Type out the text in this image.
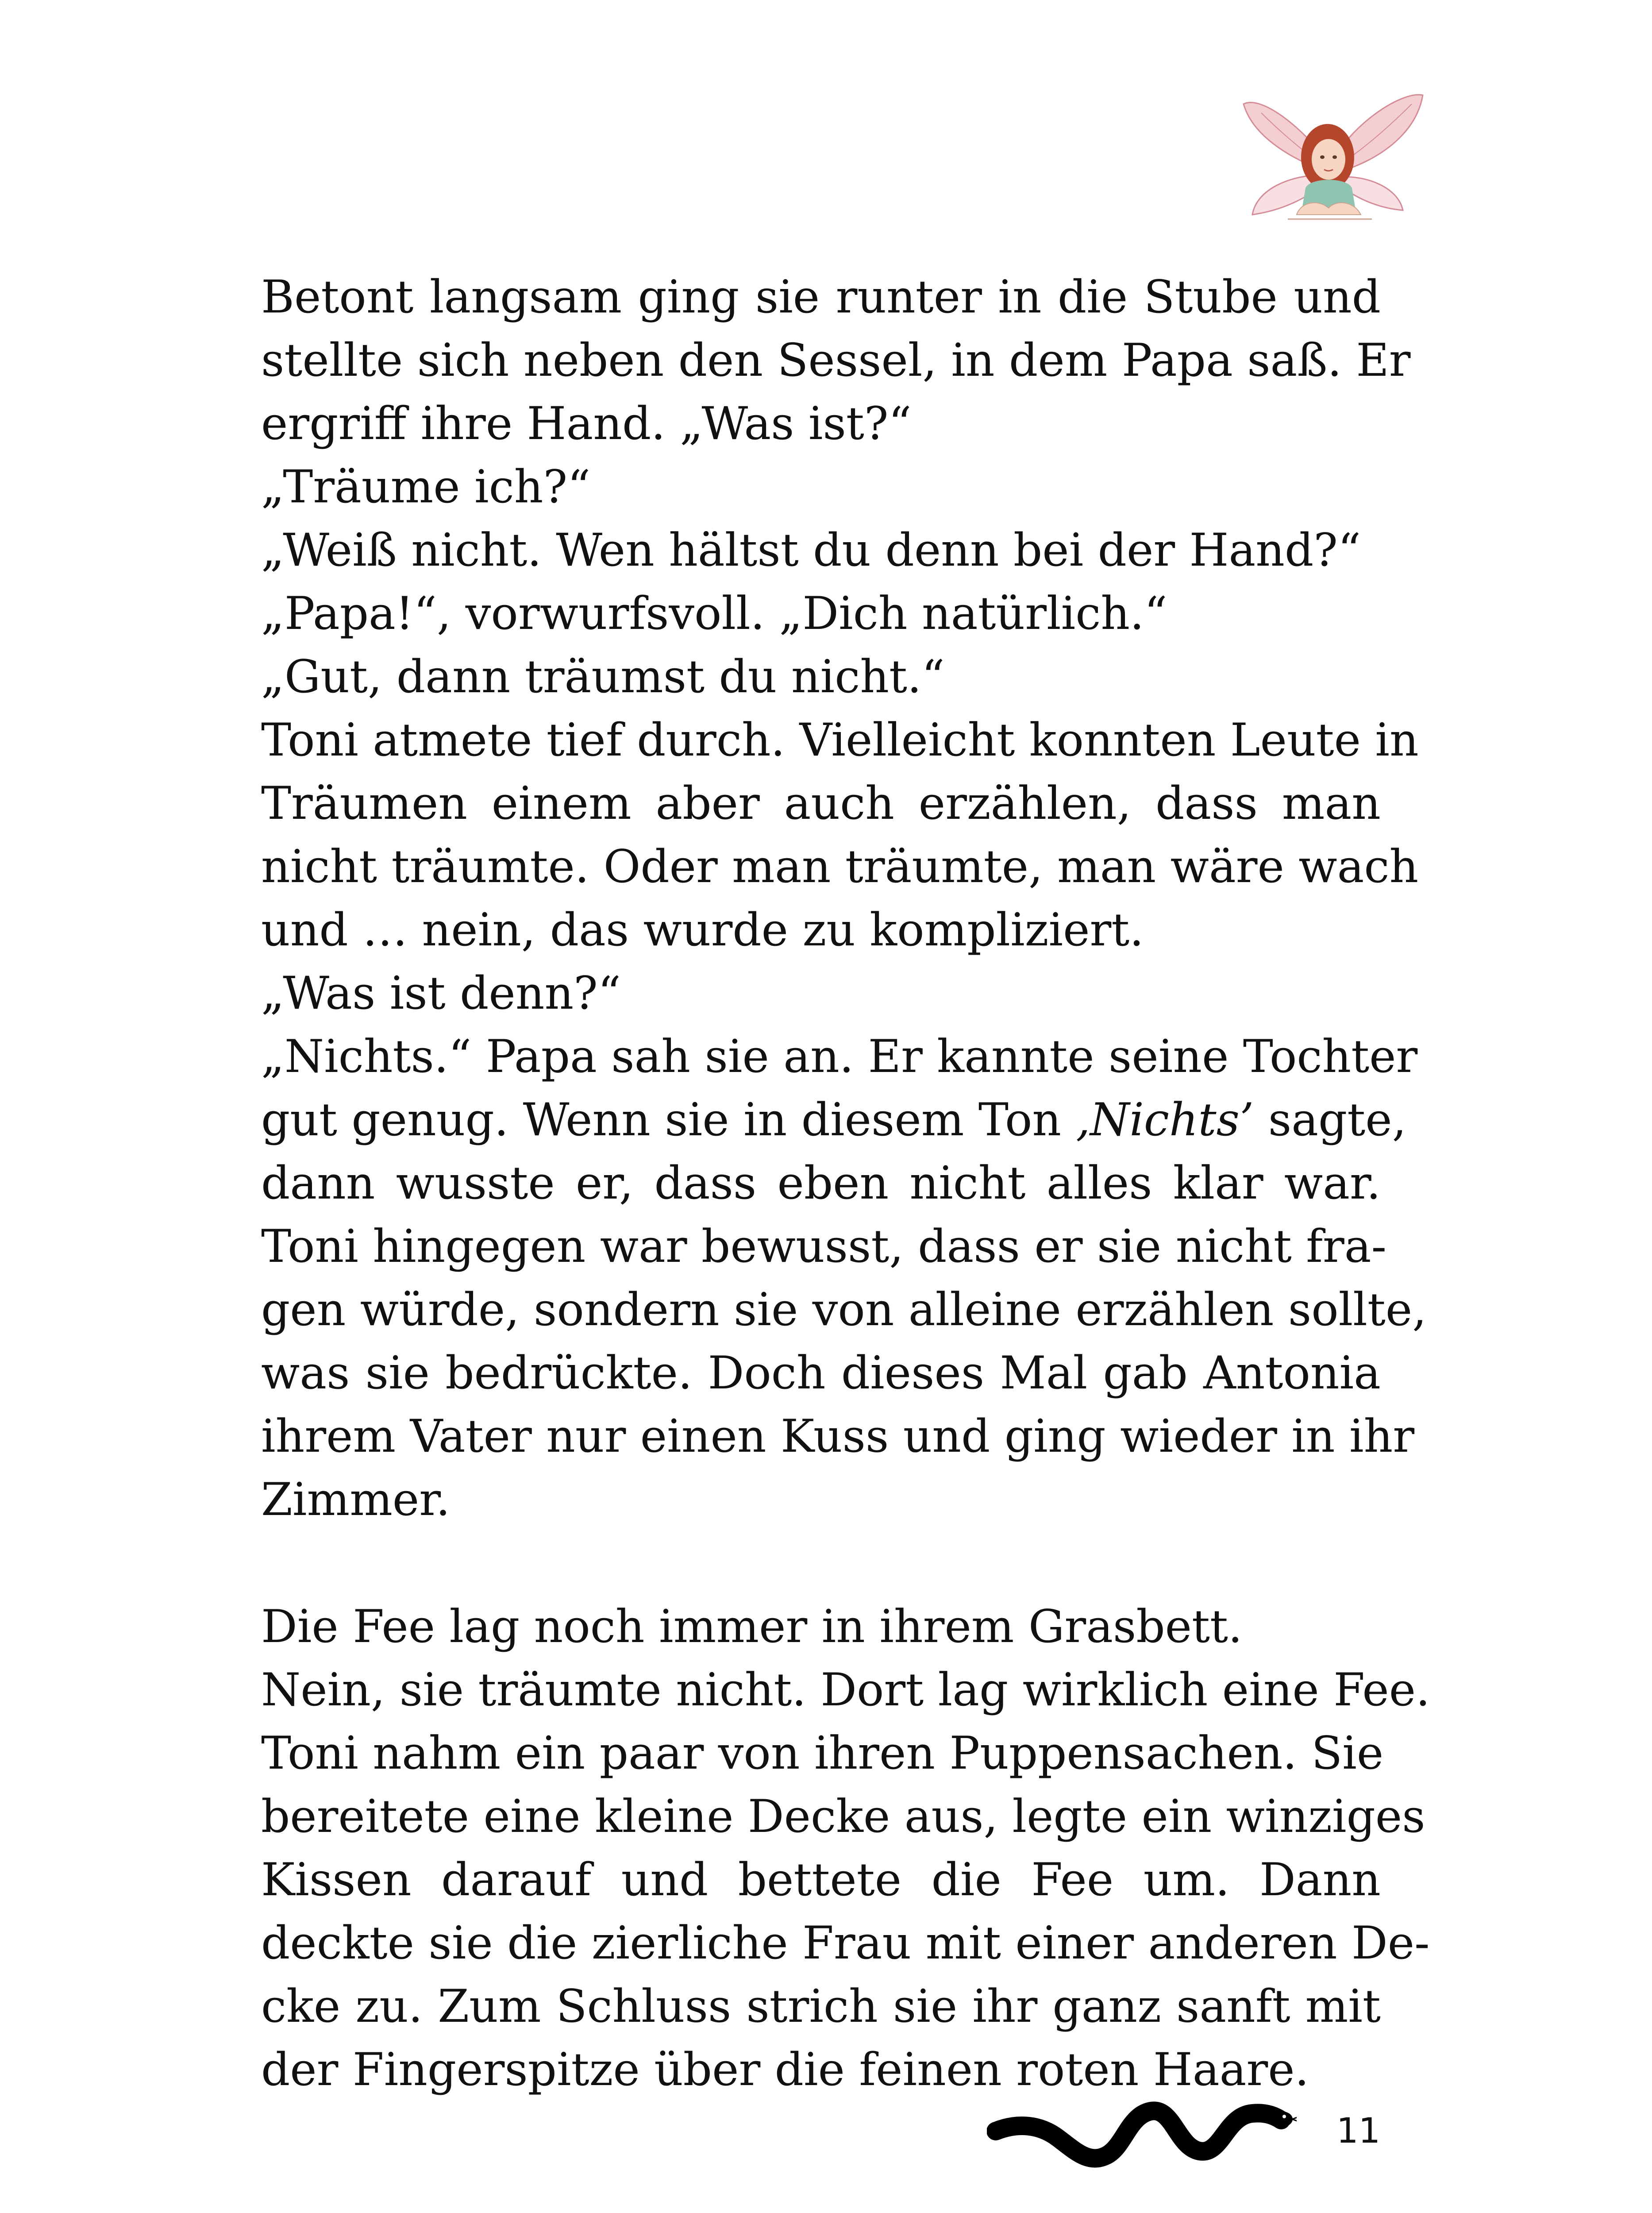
Betont langsam ging sie runter in die Stube und
stellte sich neben den Sessel, in dem Papa saß. Er
ergriff ihre Hand. „Was ist?“
„Träume ich?“
„Weiß nicht. Wen hältst du denn bei der Hand?“
„Papa!“, vorwurfsvoll. „Dich natürlich.“
„Gut, dann träumst du nicht.“
Toni atmete tief durch. Vielleicht konnten Leute in
Träumen einem aber auch erzählen, dass man
nicht träumte. Oder man träumte, man wäre wach
und … nein, das wurde zu kompliziert.
„Was ist denn?“
„Nichts.“ Papa sah sie an. Er kannte seine Tochter
gut genug. Wenn sie in diesem Ton ‚Nichts’ sagte,
dann wusste er, dass eben nicht alles klar war.
Toni hingegen war bewusst, dass er sie nicht fra-
gen würde, sondern sie von alleine erzählen sollte,
was sie bedrückte. Doch dieses Mal gab Antonia
ihrem Vater nur einen Kuss und ging wieder in ihr
Zimmer.
Die Fee lag noch immer in ihrem Grasbett.
Nein, sie träumte nicht. Dort lag wirklich eine Fee.
Toni nahm ein paar von ihren Puppensachen. Sie
bereitete eine kleine Decke aus, legte ein winziges
Kissen darauf und bettete die Fee um. Dann
deckte sie die zierliche Frau mit einer anderen De-
cke zu. Zum Schluss strich sie ihr ganz sanft mit
der Fingerspitze über die feinen roten Haare.
11
